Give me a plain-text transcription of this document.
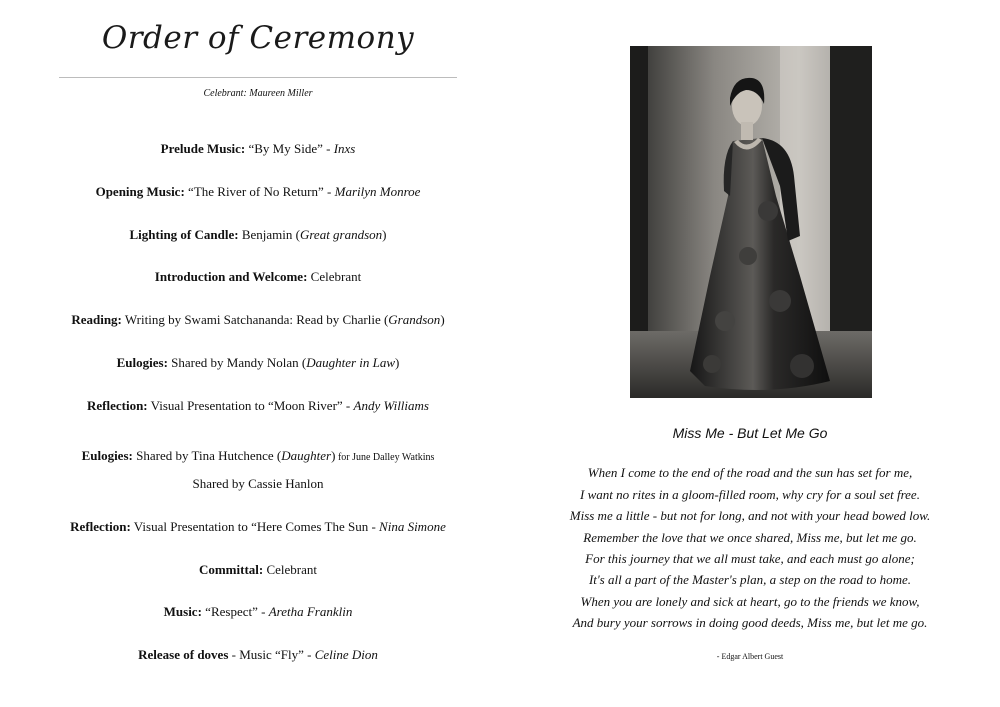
Order of Ceremony
Celebrant: Maureen Miller
Prelude Music: “By My Side” - Inxs
Opening Music: “The River of No Return” - Marilyn Monroe
Lighting of Candle: Benjamin (Great grandson)
Introduction and Welcome: Celebrant
Reading: Writing by Swami Satchananda: Read by Charlie (Grandson)
Eulogies: Shared by Mandy Nolan (Daughter in Law)
Reflection: Visual Presentation to “Moon River” - Andy Williams
Eulogies: Shared by Tina Hutchence (Daughter) for June Dalley Watkins
Shared by Cassie Hanlon
Reflection: Visual Presentation to “Here Comes The Sun - Nina Simone
Committal: Celebrant
Music: “Respect” - Aretha Franklin
Release of doves - Music “Fly” - Celine Dion
Miss Me - But Let Me Go
When I come to the end of the road and the sun has set for me,
I want no rites in a gloom-filled room, why cry for a soul set free.
Miss me a little - but not for long, and not with your head bowed low.
Remember the love that we once shared, Miss me, but let me go.
For this journey that we all must take, and each must go alone;
It's all a part of the Master's plan, a step on the road to home.
When you are lonely and sick at heart, go to the friends we know,
And bury your sorrows in doing good deeds, Miss me, but let me go.
- Edgar Albert Guest
